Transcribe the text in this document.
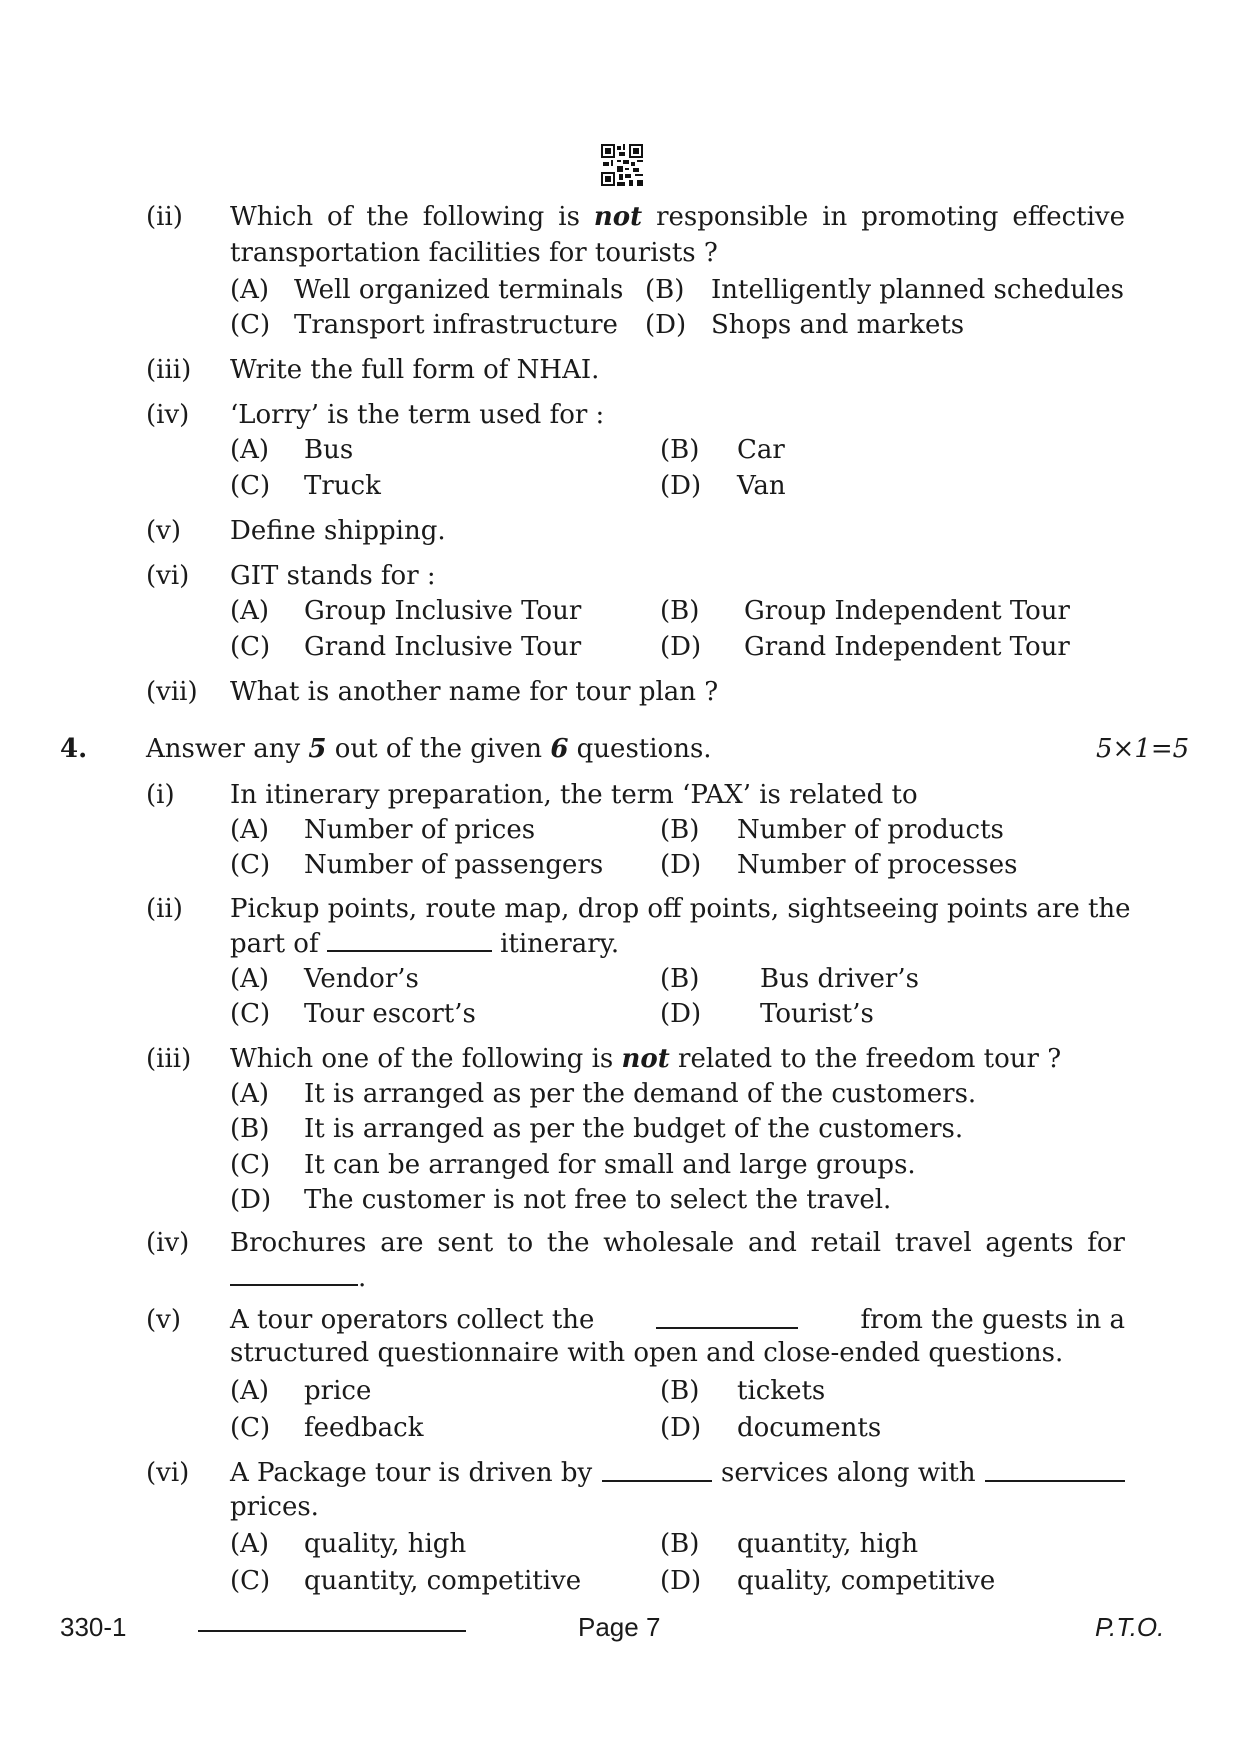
(ii) Which of the following is not responsible in promoting effective
transportation facilities for tourists ?
(A) Well organized terminals (B) Intelligently planned schedules
(C) Transport infrastructure (D) Shops and markets
(iii) Write the full form of NHAI.
(iv) ‘Lorry’ is the term used for :
(A) Bus	(B) Car
(C) Truck	(D) Van
(v) Define shipping.
(vi) GIT stands for :
(A) Group Inclusive Tour	(B) Group Independent Tour
(C) Grand Inclusive Tour	(D) Grand Independent Tour
(vii) What is another name for tour plan ?
4. Answer any 5 out of the given 6 questions.	5×1=5
(i) In itinerary preparation, the term ‘PAX’ is related to
(A) Number of prices	(B) Number of products
(C) Number of passengers (D) Number of processes
(ii) Pickup points, route map, drop off points, sightseeing points are the
part of	itinerary.
(A) Vendor’s	(B) Bus driver’s
(C) Tour escort’s	(D) Tourist’s
(iii) Which one of the following is not related to the freedom tour ?
(A) It is arranged as per the demand of the customers.
(B) It is arranged as per the budget of the customers.
(C) It can be arranged for small and large groups.
(D) The customer is not free to select the travel.
(iv) Brochures are sent to the wholesale and retail travel agents for
.
(v) A tour operators collect the	from the guests in a
structured questionnaire with open and close-ended questions.
(A) price	(B) tickets
(C) feedback	(D) documents
(vi) A Package tour is driven by	services along with
prices.
(A) quality, high	(B) quantity, high
(C) quantity, competitive	(D) quality, competitive
330-1	Page 7	P.T.O.
